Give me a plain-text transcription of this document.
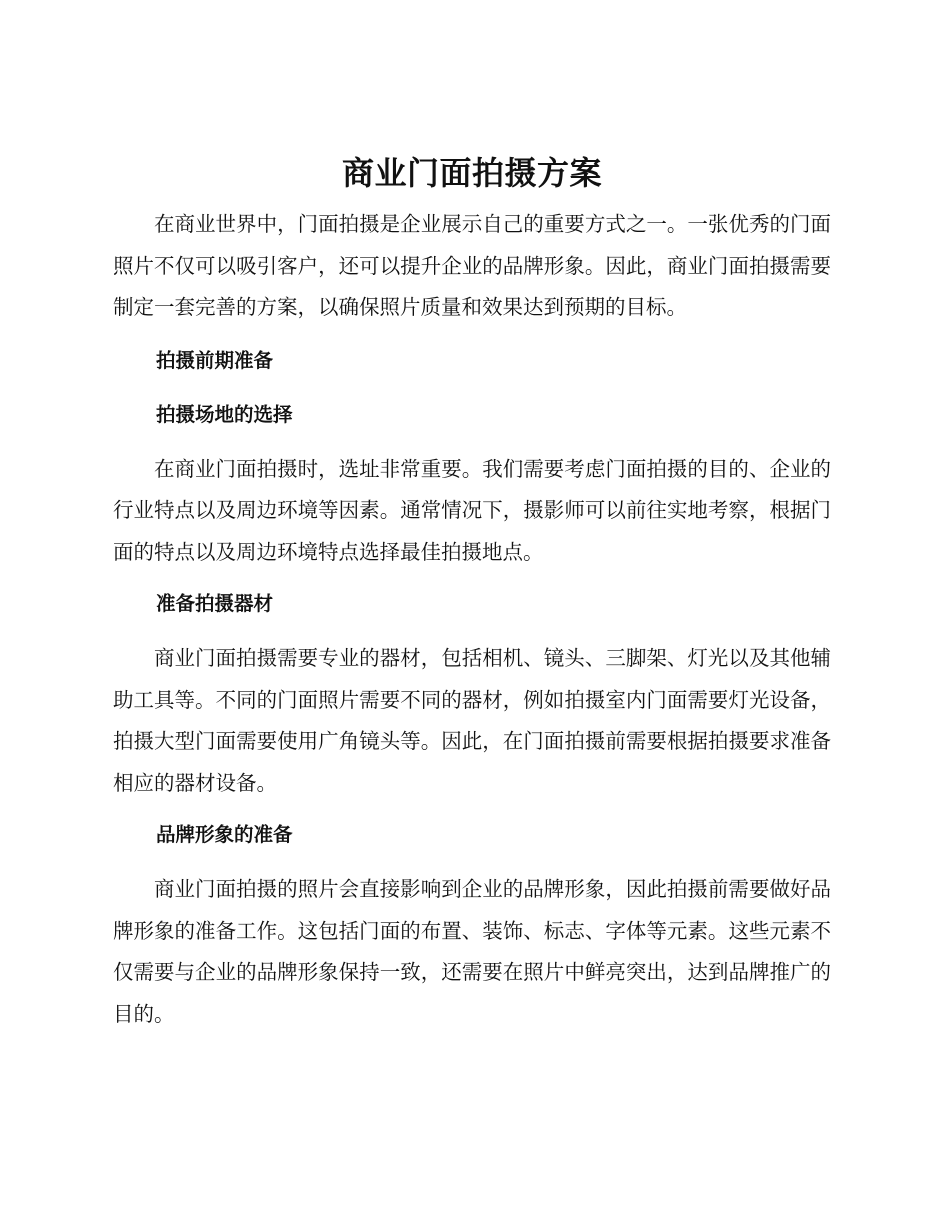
商业门面拍摄方案

在商业世界中，门面拍摄是企业展示自己的重要方式之一。一张优秀的门面照片不仅可以吸引客户，还可以提升企业的品牌形象。因此，商业门面拍摄需要制定一套完善的方案，以确保照片质量和效果达到预期的目标。

拍摄前期准备
拍摄场地的选择

在商业门面拍摄时，选址非常重要。我们需要考虑门面拍摄的目的、企业的行业特点以及周边环境等因素。通常情况下，摄影师可以前往实地考察，根据门面的特点以及周边环境特点选择最佳拍摄地点。

准备拍摄器材

商业门面拍摄需要专业的器材，包括相机、镜头、三脚架、灯光以及其他辅助工具等。不同的门面照片需要不同的器材，例如拍摄室内门面需要灯光设备，拍摄大型门面需要使用广角镜头等。因此，在门面拍摄前需要根据拍摄要求准备相应的器材设备。

品牌形象的准备

商业门面拍摄的照片会直接影响到企业的品牌形象，因此拍摄前需要做好品牌形象的准备工作。这包括门面的布置、装饰、标志、字体等元素。这些元素不仅需要与企业的品牌形象保持一致，还需要在照片中鲜亮突出，达到品牌推广的目的。
